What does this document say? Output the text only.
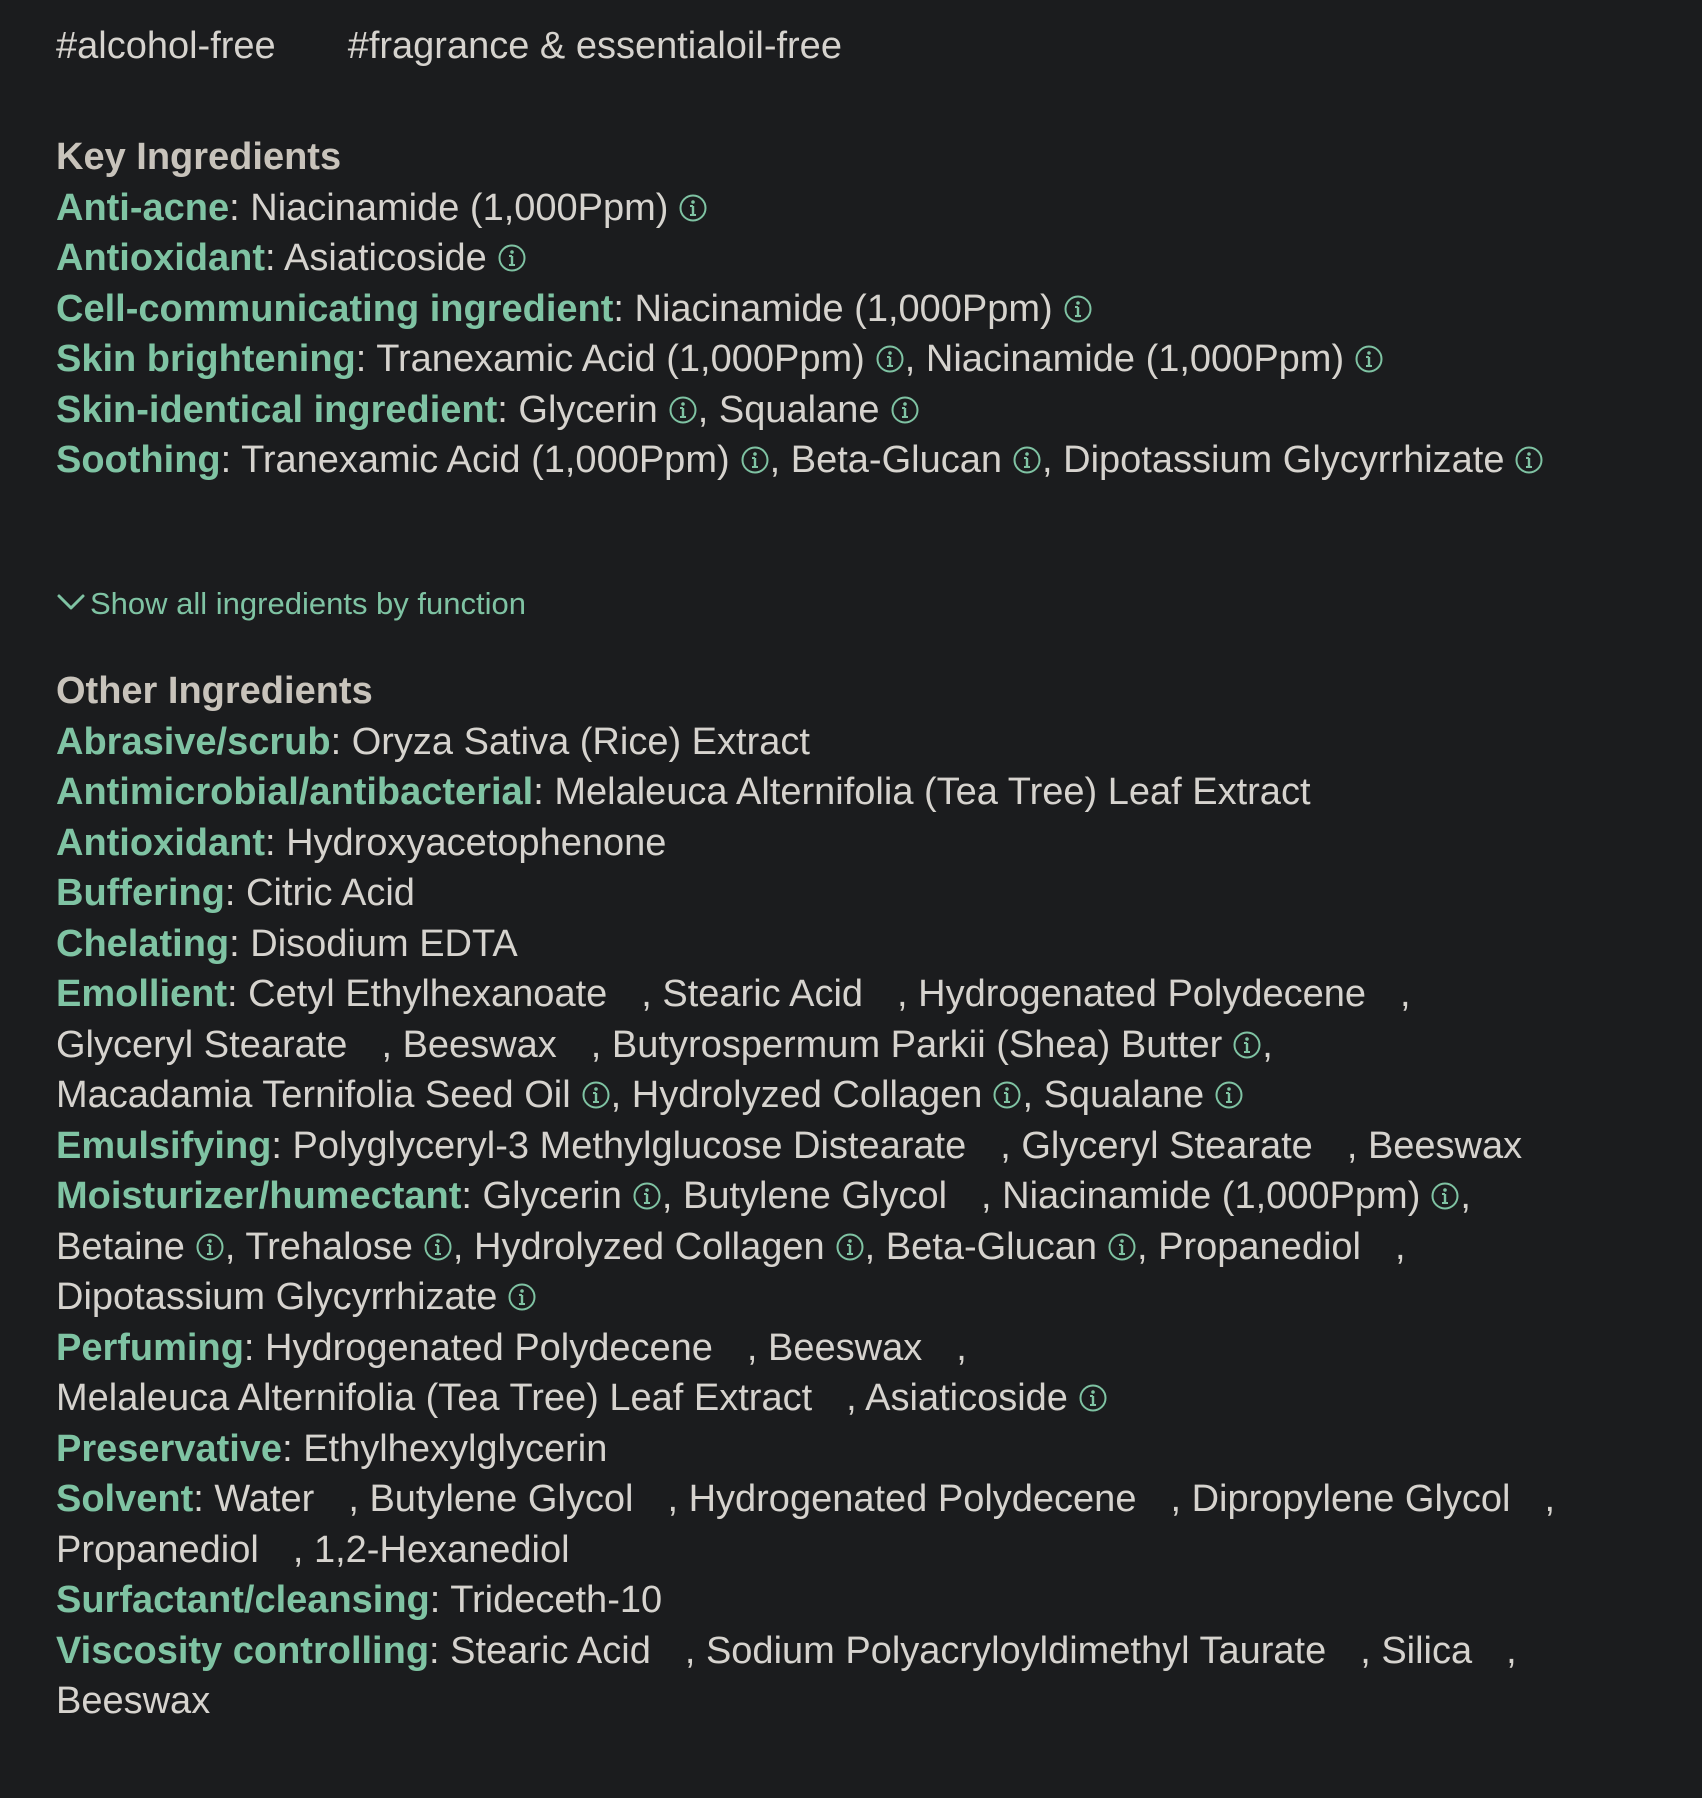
#alcohol-free #fragrance & essentialoil-free
Key Ingredients
Anti-acne: Niacinamide (1,000Ppm)
Antioxidant: Asiaticoside
Cell-communicating ingredient: Niacinamide (1,000Ppm)
Skin brightening: Tranexamic Acid (1,000Ppm) , Niacinamide (1,000Ppm)
Skin-identical ingredient: Glycerin , Squalane
Soothing: Tranexamic Acid (1,000Ppm) , Beta-Glucan , Dipotassium Glycyrrhizate
Show all ingredients by function
Other Ingredients
Abrasive/scrub: Oryza Sativa (Rice) Extract
Antimicrobial/antibacterial: Melaleuca Alternifolia (Tea Tree) Leaf Extract
Antioxidant: Hydroxyacetophenone
Buffering: Citric Acid
Chelating: Disodium EDTA
Emollient: Cetyl Ethylhexanoate , Stearic Acid , Hydrogenated Polydecene , Glyceryl Stearate , Beeswax , Butyrospermum Parkii (Shea) Butter , Macadamia Ternifolia Seed Oil , Hydrolyzed Collagen , Squalane
Emulsifying: Polyglyceryl-3 Methylglucose Distearate , Glyceryl Stearate , Beeswax
Moisturizer/humectant: Glycerin , Butylene Glycol , Niacinamide (1,000Ppm) , Betaine , Trehalose , Hydrolyzed Collagen , Beta-Glucan , Propanediol , Dipotassium Glycyrrhizate
Perfuming: Hydrogenated Polydecene , Beeswax , Melaleuca Alternifolia (Tea Tree) Leaf Extract , Asiaticoside
Preservative: Ethylhexylglycerin
Solvent: Water , Butylene Glycol , Hydrogenated Polydecene , Dipropylene Glycol , Propanediol , 1,2-Hexanediol
Surfactant/cleansing: Trideceth-10
Viscosity controlling: Stearic Acid , Sodium Polyacryloyldimethyl Taurate , Silica , Beeswax
